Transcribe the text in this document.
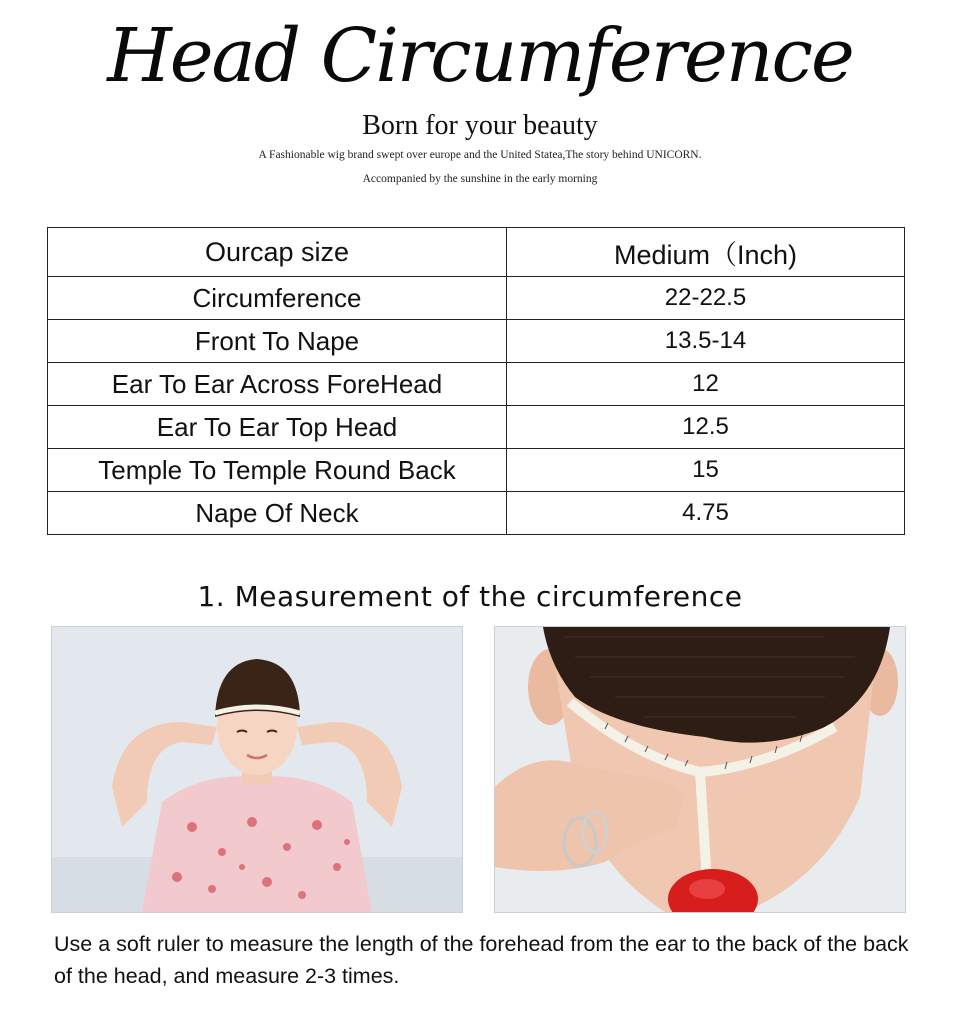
Head Circumference
Born for your beauty
A Fashionable wig brand swept over europe and the United Statea,The story behind UNICORN.
Accompanied by the sunshine in the early morning
Ourcap size	Medium（Inch)
Circumference	22-22.5
Front To Nape	13.5-14
Ear To Ear Across ForeHead	12
Ear To Ear Top Head	12.5
Temple To Temple Round Back	15
Nape Of Neck	4.75
1. Measurement of the circumference
Use a soft ruler to measure the length of the forehead from the ear to the back of the back of the head, and measure 2-3 times.
